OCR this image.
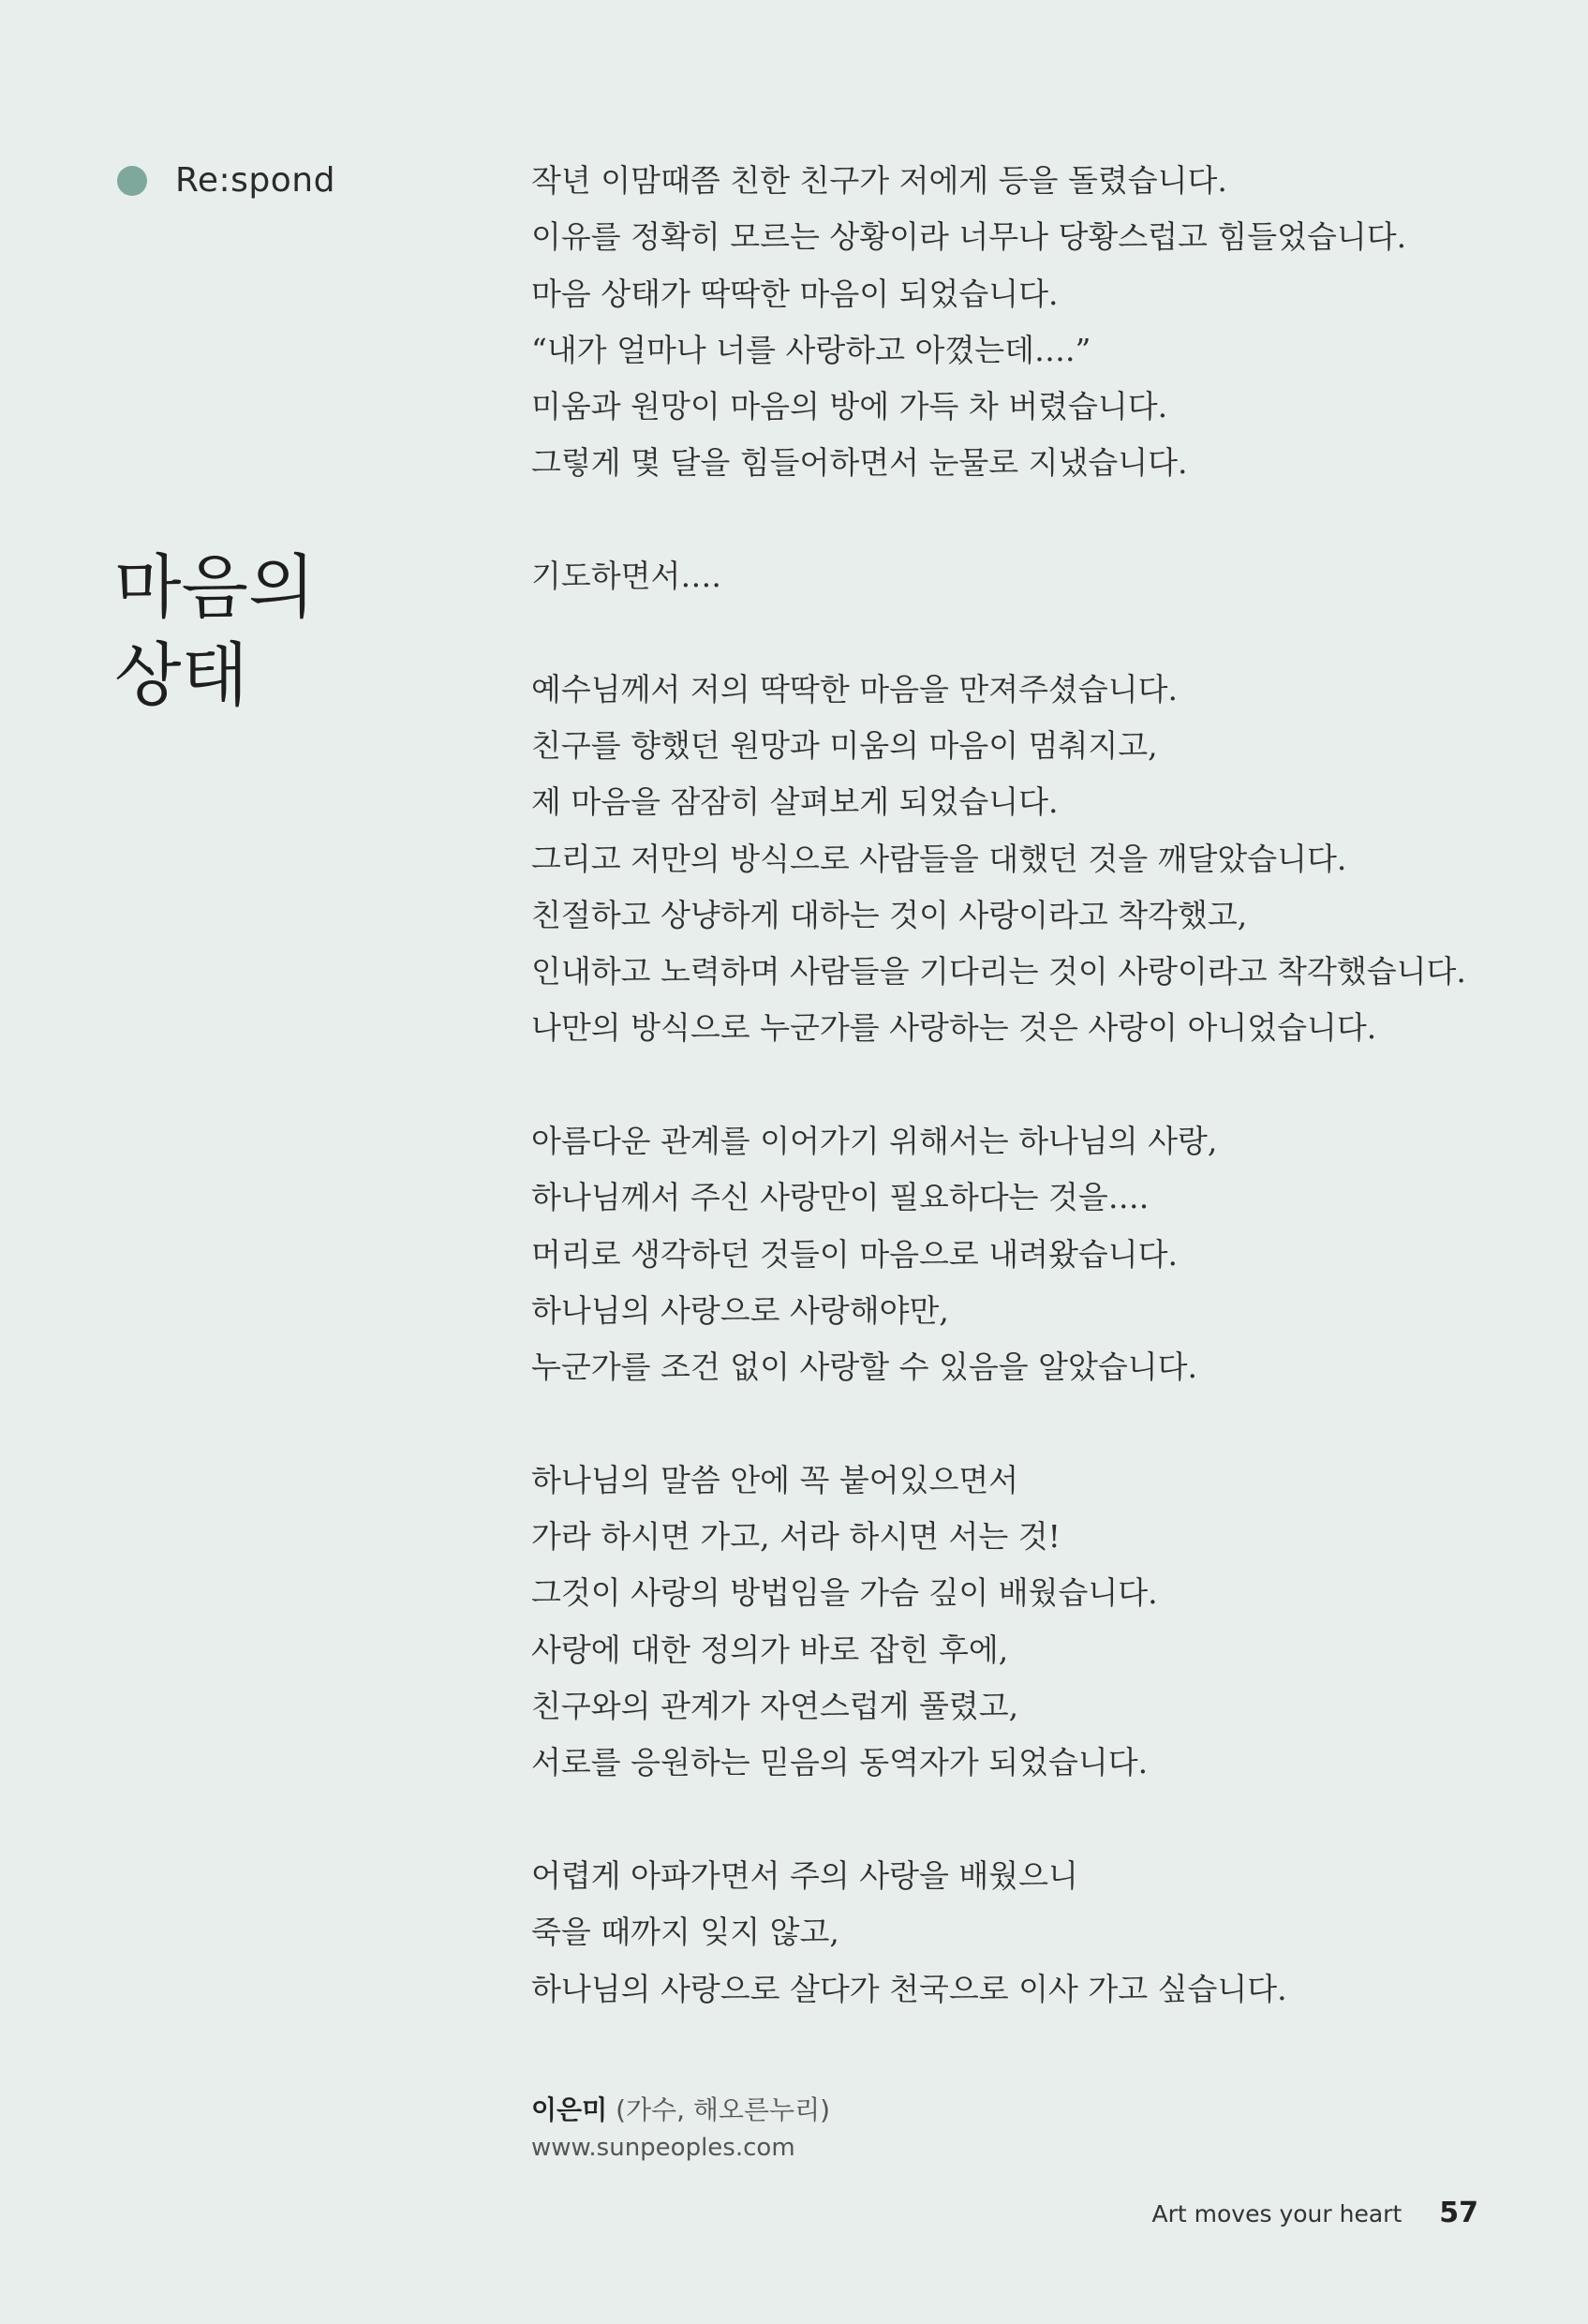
Re:spond
마음의
상태
작년 이맘때쯤 친한 친구가 저에게 등을 돌렸습니다.
이유를 정확히 모르는 상황이라 너무나 당황스럽고 힘들었습니다.
마음 상태가 딱딱한 마음이 되었습니다.
“내가 얼마나 너를 사랑하고 아꼈는데….”
미움과 원망이 마음의 방에 가득 차 버렸습니다.
그렇게 몇 달을 힘들어하면서 눈물로 지냈습니다.
기도하면서….
예수님께서 저의 딱딱한 마음을 만져주셨습니다.
친구를 향했던 원망과 미움의 마음이 멈춰지고,
제 마음을 잠잠히 살펴보게 되었습니다.
그리고 저만의 방식으로 사람들을 대했던 것을 깨달았습니다.
친절하고 상냥하게 대하는 것이 사랑이라고 착각했고,
인내하고 노력하며 사람들을 기다리는 것이 사랑이라고 착각했습니다.
나만의 방식으로 누군가를 사랑하는 것은 사랑이 아니었습니다.
아름다운 관계를 이어가기 위해서는 하나님의 사랑,
하나님께서 주신 사랑만이 필요하다는 것을….
머리로 생각하던 것들이 마음으로 내려왔습니다.
하나님의 사랑으로 사랑해야만,
누군가를 조건 없이 사랑할 수 있음을 알았습니다.
하나님의 말씀 안에 꼭 붙어있으면서
가라 하시면 가고, 서라 하시면 서는 것!
그것이 사랑의 방법임을 가슴 깊이 배웠습니다.
사랑에 대한 정의가 바로 잡힌 후에,
친구와의 관계가 자연스럽게 풀렸고,
서로를 응원하는 믿음의 동역자가 되었습니다.
어렵게 아파가면서 주의 사랑을 배웠으니
죽을 때까지 잊지 않고,
하나님의 사랑으로 살다가 천국으로 이사 가고 싶습니다.
이은미 (가수, 해오른누리)
www.sunpeoples.com
Art moves your heart 57
